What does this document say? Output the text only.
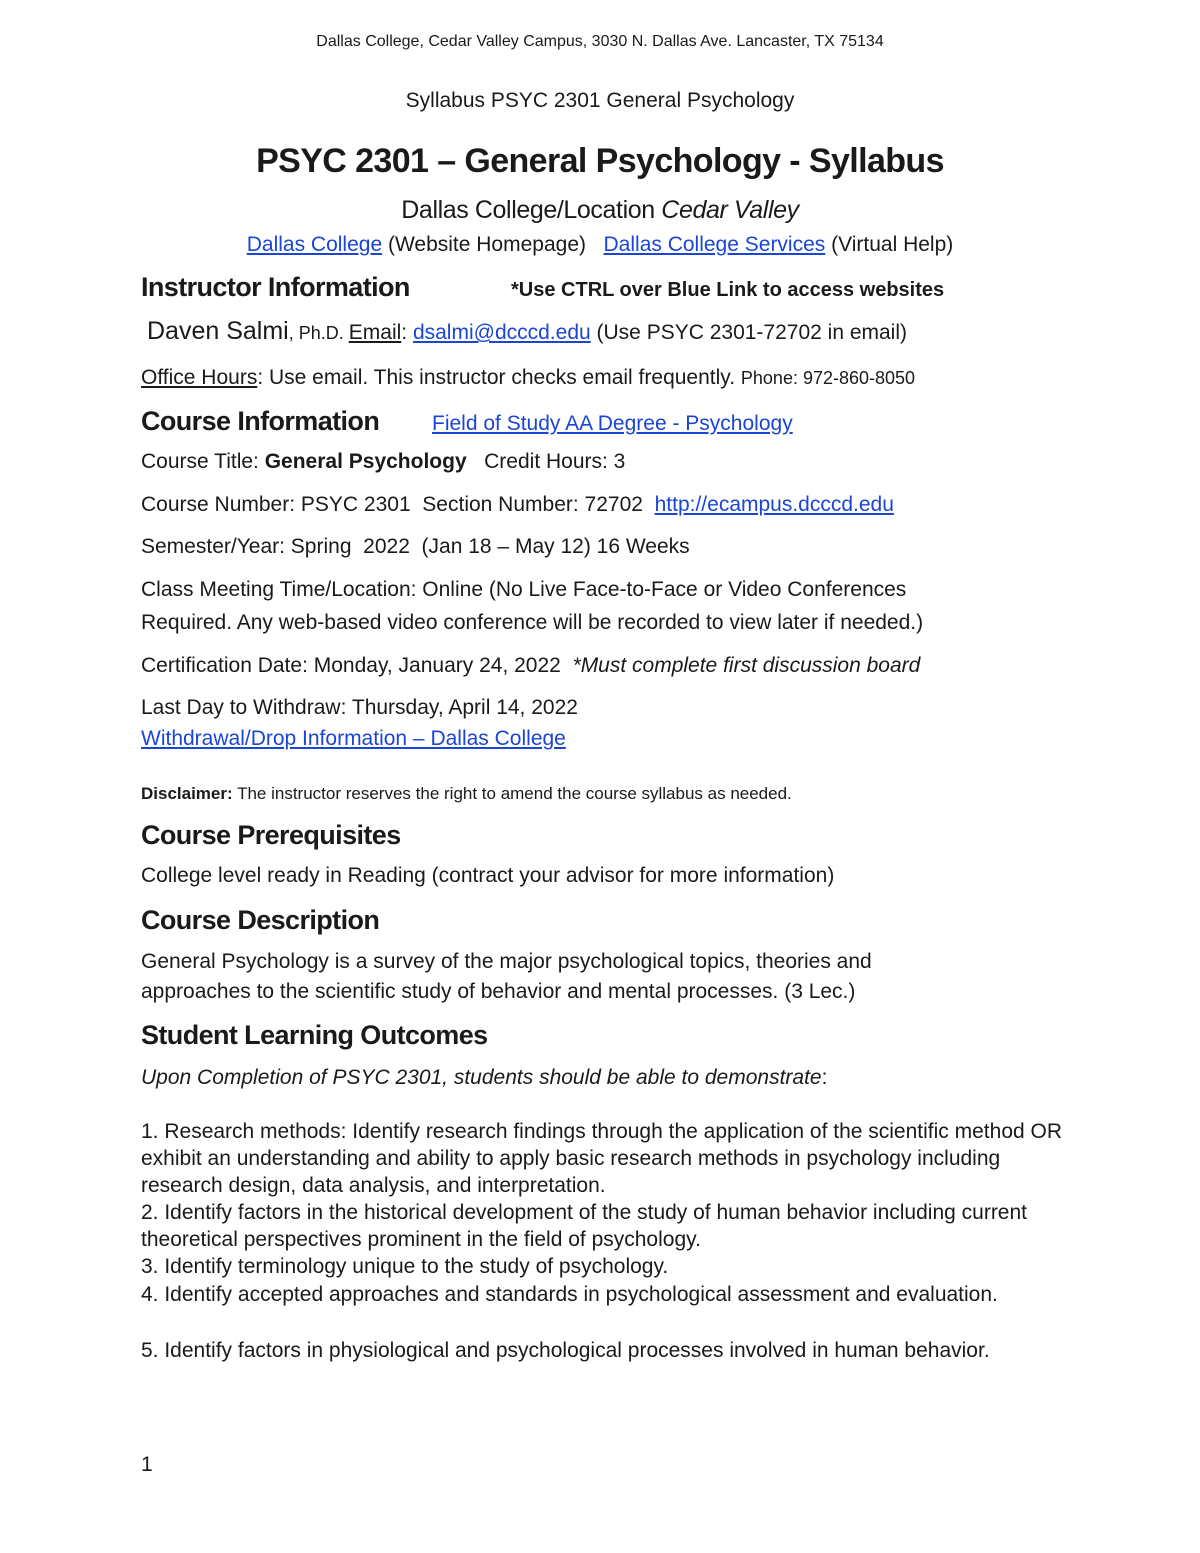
Dallas College, Cedar Valley Campus, 3030 N. Dallas Ave. Lancaster, TX 75134
Syllabus PSYC 2301 General Psychology
PSYC 2301 – General Psychology - Syllabus
Dallas College/Location Cedar Valley
Dallas College (Website Homepage) Dallas College Services (Virtual Help)
Instructor Information	*Use CTRL over Blue Link to access websites
Daven Salmi, Ph.D. Email: dsalmi@dcccd.edu (Use PSYC 2301-72702 in email)
Office Hours: Use email. This instructor checks email frequently. Phone: 972-860-8050
Course Information	Field of Study AA Degree - Psychology
Course Title: General Psychology   Credit Hours: 3
Course Number: PSYC 2301  Section Number: 72702  http://ecampus.dcccd.edu
Semester/Year: Spring  2022  (Jan 18 – May 12) 16 Weeks
Class Meeting Time/Location: Online (No Live Face-to-Face or Video Conferences
Required. Any web-based video conference will be recorded to view later if needed.)
Certification Date: Monday, January 24, 2022  *Must complete first discussion board
Last Day to Withdraw: Thursday, April 14, 2022
Withdrawal/Drop Information – Dallas College
Disclaimer: The instructor reserves the right to amend the course syllabus as needed.
Course Prerequisites
College level ready in Reading (contract your advisor for more information)
Course Description
General Psychology is a survey of the major psychological topics, theories and
approaches to the scientific study of behavior and mental processes. (3 Lec.)
Student Learning Outcomes
Upon Completion of PSYC 2301, students should be able to demonstrate:
1. Research methods: Identify research findings through the application of the scientific method OR exhibit an understanding and ability to apply basic research methods in psychology including research design, data analysis, and interpretation.
2. Identify factors in the historical development of the study of human behavior including current theoretical perspectives prominent in the field of psychology.
3. Identify terminology unique to the study of psychology.
4. Identify accepted approaches and standards in psychological assessment and evaluation.
5. Identify factors in physiological and psychological processes involved in human behavior.
1
